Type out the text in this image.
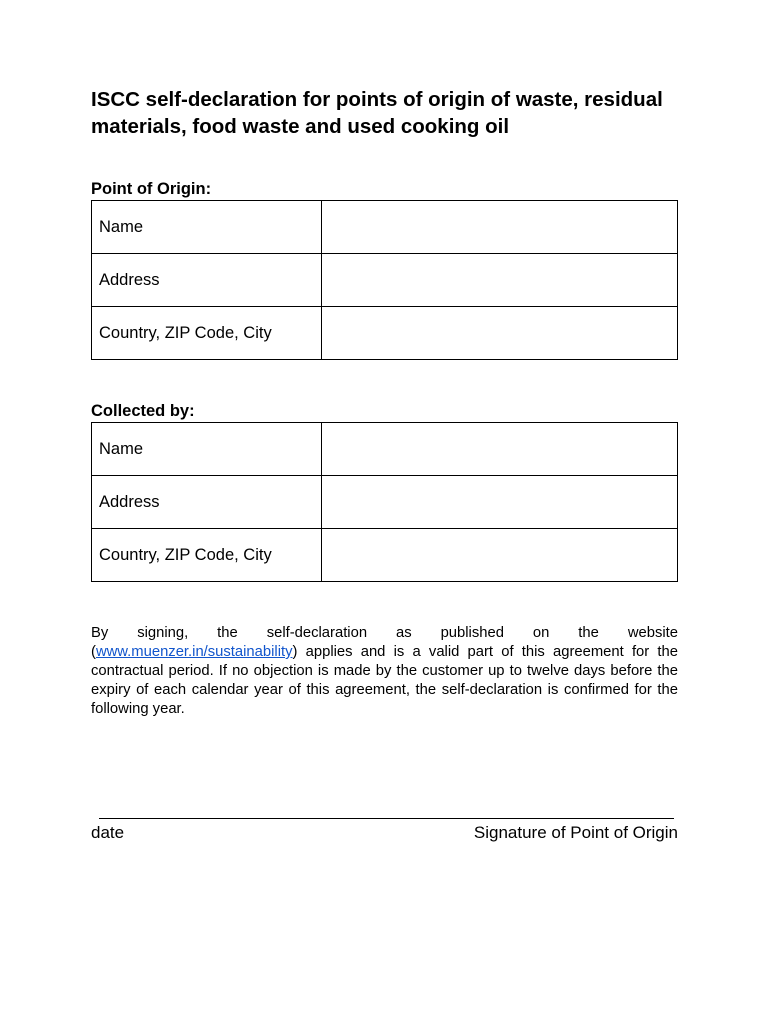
ISCC self-declaration for points of origin of waste, residual materials, food waste and used cooking oil
Point of Origin:
Name	
Address	
Country, ZIP Code, City	
Collected by:
Name	
Address	
Country, ZIP Code, City	

By signing, the self-declaration as published on the website (www.muenzer.in/sustainability) applies and is a valid part of this agreement for the contractual period. If no objection is made by the customer up to twelve days before the expiry of each calendar year of this agreement, the self-declaration is confirmed for the following year.

date	Signature of Point of Origin
